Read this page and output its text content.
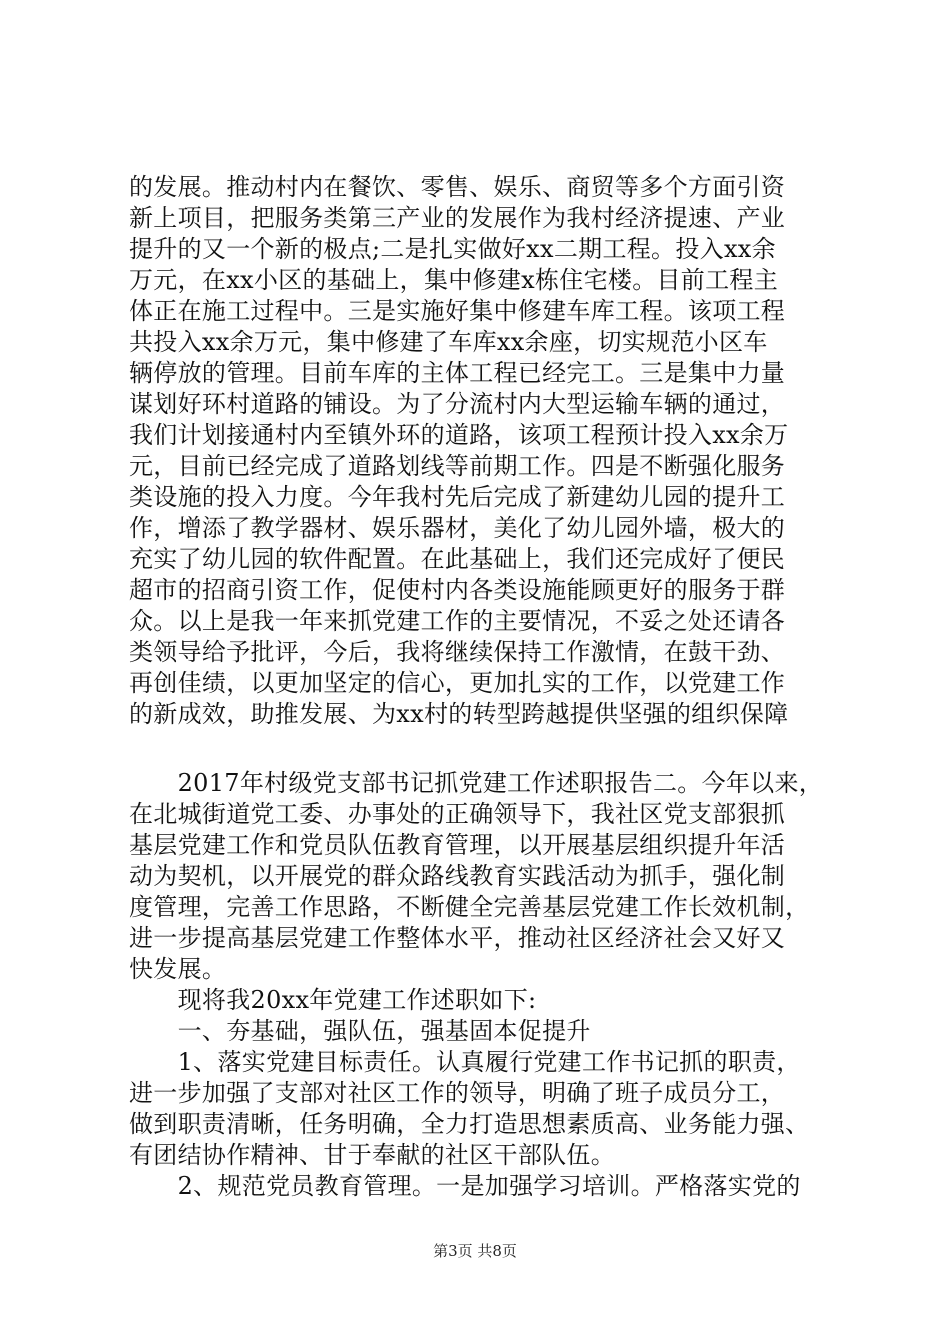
的发展。推动村内在餐饮、零售、娱乐、商贸等多个方面引资
新上项目，把服务类第三产业的发展作为我村经济提速、产业
提升的又一个新的极点;二是扎实做好xx二期工程。投入xx余
万元，在xx小区的基础上，集中修建x栋住宅楼。目前工程主
体正在施工过程中。三是实施好集中修建车库工程。该项工程
共投入xx余万元，集中修建了车库xx余座，切实规范小区车
辆停放的管理。目前车库的主体工程已经完工。三是集中力量
谋划好环村道路的铺设。为了分流村内大型运输车辆的通过，
我们计划接通村内至镇外环的道路，该项工程预计投入xx余万
元，目前已经完成了道路划线等前期工作。四是不断强化服务
类设施的投入力度。今年我村先后完成了新建幼儿园的提升工
作，增添了教学器材、娱乐器材，美化了幼儿园外墙，极大的
充实了幼儿园的软件配置。在此基础上，我们还完成好了便民
超市的招商引资工作，促使村内各类设施能顾更好的服务于群
众。以上是我一年来抓党建工作的主要情况，不妥之处还请各
类领导给予批评，今后，我将继续保持工作激情，在鼓干劲、
再创佳绩，以更加坚定的信心，更加扎实的工作，以党建工作
的新成效，助推发展、为xx村的转型跨越提供坚强的组织保障
　　2017年村级党支部书记抓党建工作述职报告二。今年以来，
在北城街道党工委、办事处的正确领导下，我社区党支部狠抓
基层党建工作和党员队伍教育管理，以开展基层组织提升年活
动为契机，以开展党的群众路线教育实践活动为抓手，强化制
度管理，完善工作思路，不断健全完善基层党建工作长效机制，
进一步提高基层党建工作整体水平，推动社区经济社会又好又
快发展。
　　现将我20xx年党建工作述职如下:
　　一、夯基础，强队伍，强基固本促提升
　　1、落实党建目标责任。认真履行党建工作书记抓的职责，
进一步加强了支部对社区工作的领导，明确了班子成员分工，
做到职责清晰，任务明确，全力打造思想素质高、业务能力强、
有团结协作精神、甘于奉献的社区干部队伍。
　　2、规范党员教育管理。一是加强学习培训。严格落实党的
第3页 共8页
